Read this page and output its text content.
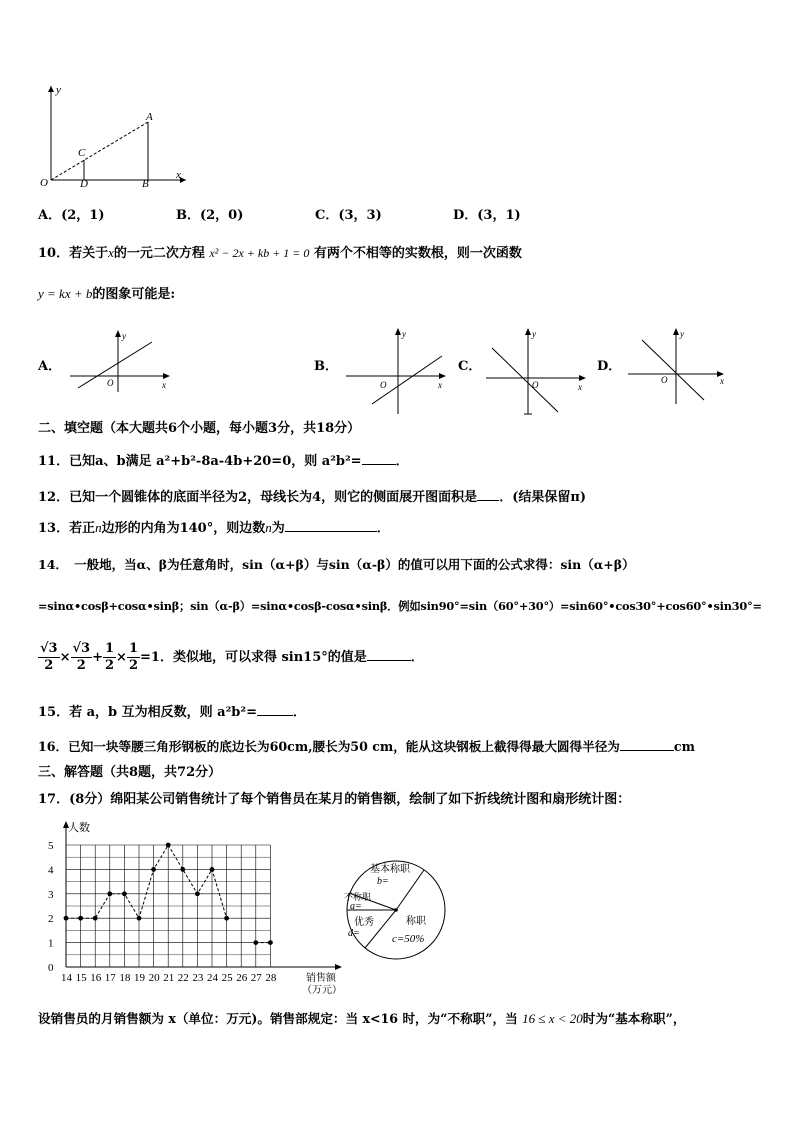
y
x
O	D	B
C
A
A．(2，1)	B．(2，0)	C．(3，3)	D．(3，1)
10．若关于x的一元二次方程 x² − 2x + kb + 1 = 0 有两个不相等的实数根，则一次函数
y = kx + b的图象可能是:
A．	B．	C．	D．
x
y
O	x
y
O	x
y
O	x
y
O
二、填空题（本大题共6个小题，每小题3分，共18分）
11．已知a、b满足 a²+b²-8a-4b+20=0，则 a²b²=	．
12．已知一个圆锥体的底面半径为2，母线长为4，则它的侧面展开图面积是 ．(结果保留π)
13．若正n边形的内角为140°，则边数n为	．
14．　一般地，当α、β为任意角时，sin（α+β）与sin（α-β）的值可以用下面的公式求得：sin（α+β）
=sinα•cosβ+cosα•sinβ；sin（α-β）=sinα•cosβ-cosα•sinβ．例如sin90°=sin（60°+30°）=sin60°•cos30°+cos60°•sin30°=
$\frac{√3}{2} \times \frac{√3}{2} + \frac{1}{2} \times \frac{1}{2} =1$．类似地，可以求得 sin15°的值是	．
15．若 a，b 互为相反数，则 a²b²=	．
16．已知一块等腰三角形钢板的底边长为60cm,腰长为50 cm，能从这块钢板上截得得最大圆得半径为	cm
三、解答题（共8题，共72分）
17．(8分）绵阳某公司销售统计了每个销售员在某月的销售额，绘制了如下折线统计图和扇形统计图：
0
1
2
3
4
5
14 15 16 17 18 19 20 21 22 23 24 25 26 27 28
人数
销售额
（万元）
基本称职
b=
不称职
a=
优秀
d=
称职
c=50%
设销售员的月销售额为 x（单位：万元)。销售部规定：当 x<16 时，为“不称职”，当 16 ≤ x < 20时为“基本称职”，
